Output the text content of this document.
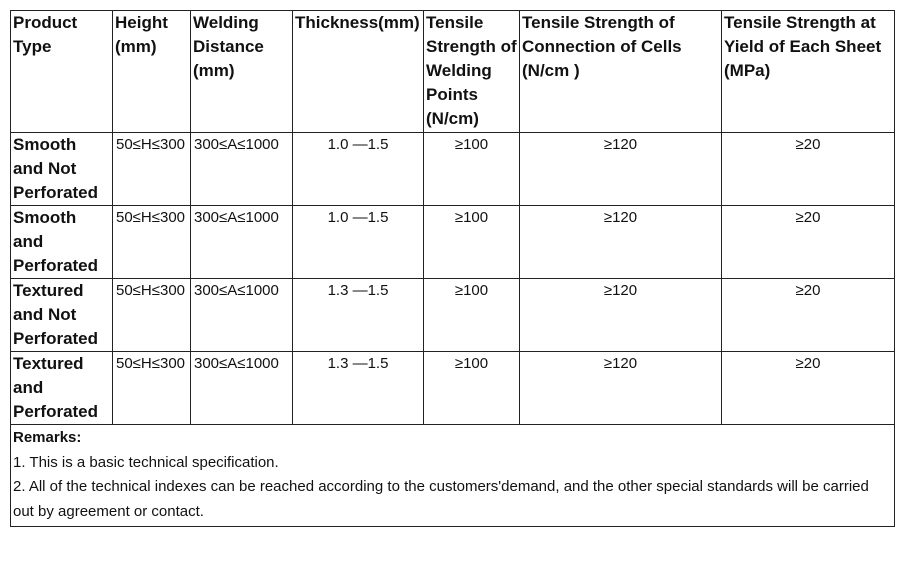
Product Type	Height (mm)	Welding Distance (mm)	Thickness(mm)	Tensile Strength of Welding Points (N/cm)	Tensile Strength of Connection of Cells (N/cm )	Tensile Strength at Yield of Each Sheet (MPa)
Smooth and Not Perforated	50≤H≤300	300≤A≤1000	1.0 —1.5	≥100	≥120	≥20
Smooth and Perforated	50≤H≤300	300≤A≤1000	1.0 —1.5	≥100	≥120	≥20
Textured and Not Perforated	50≤H≤300	300≤A≤1000	1.3 —1.5	≥100	≥120	≥20
Textured and Perforated	50≤H≤300	300≤A≤1000	1.3 —1.5	≥100	≥120	≥20

Remarks:
1. This is a basic technical specification.
2. All of the technical indexes can be reached according to the customers'demand, and the other special standards will be carried out by agreement or contact.						
